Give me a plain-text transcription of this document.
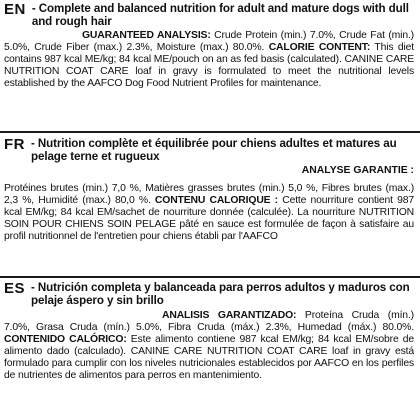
EN - Complete and balanced nutrition for adult and mature dogs with dull and rough hair
GUARANTEED ANALYSIS: Crude Protein (min.) 7.0%, Crude Fat (min.) 5.0%, Crude Fiber (max.) 2.3%, Moisture (max.) 80.0%. CALORIE CONTENT: This diet contains 987 kcal ME/kg; 84 kcal ME/pouch on an as fed basis (calculated). CANINE CARE NUTRITION COAT CARE loaf in gravy is formulated to meet the nutritional levels established by the AAFCO Dog Food Nutrient Profiles for maintenance.
FR - Nutrition complète et équilibrée pour chiens adultes et matures au pelage terne et rugueux
ANALYSE GARANTIE :
Protéines brutes (min.) 7,0 %, Matières grasses brutes (min.) 5,0 %, Fibres brutes (max.) 2,3 %, Humidité (max.) 80,0 %. CONTENU CALORIQUE : Cette nourriture contient 987 kcal EM/kg; 84 kcal EM/sachet de nourriture donnée (calculée). La nourriture NUTRITION SOIN POUR CHIENS SOIN PELAGE pâté en sauce est formulée de façon à satisfaire au profil nutritionnel de l'entretien pour chiens établi par l'AAFCO
ES - Nutrición completa y balanceada para perros adultos y maduros con pelaje áspero y sin brillo
ANALISIS GARANTIZADO: Proteína Cruda (mín.) 7.0%, Grasa Cruda (mín.) 5.0%, Fibra Cruda (máx.) 2.3%, Humedad (máx.) 80.0%. CONTENIDO CALÓRICO: Este alimento contiene 987 kcal EM/kg; 84 kcal EM/sobre de alimento dado (calculado). CANINE CARE NUTRITION COAT CARE loaf in gravy está formulado para cumplir con los niveles nutricionales establecidos por AAFCO en los perfiles de nutrientes de alimentos para perros en mantenimiento.
